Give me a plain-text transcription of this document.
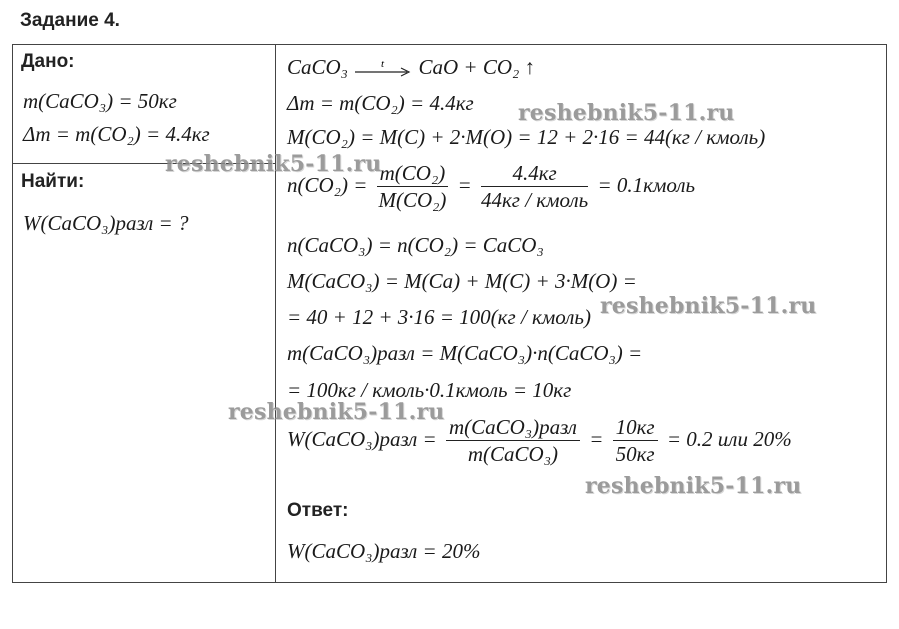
Задание 4.
Дано:
m(CaCO₃) = 50кг
Δm = m(CO₂) = 4.4кг
Найти:
W(CaCO₃)разл = ?
CaCO₃	t CaO + CO₂ ↑
Δm = m(CO₂) = 4.4кг
M(CO₂) = M(C) + 2·M(O) = 12 + 2·16 = 44(кг / кмоль)
$n(CO_2) = \frac{\text{m(CO₂)}}{\text{M(CO₂)}} = \frac{4.4кг}{\text{44кг / кмоль}}$ = 0.1кмоль
n(CaCO₃) = n(CO₂) = CaCO₃
M(CaCO₃) = M(Ca) + M(C) + 3·M(O) =
= 40 + 12 + 3·16 = 100(кг / кмоль)
m(CaCO₃)разл = M(CaCO₃)·n(CaCO₃) =
= 100кг / кмоль·0.1кмоль = 10кг
W(CaCO₃)разл = $\frac{\text{m(CaCO₃)разл}}{\text{m(CaCO₃)}} = \frac{10кг}{50кг} = 0.2$ или 20%
Ответ:
W(CaCO₃)разл = 20%
reshebnik5-11.ru
reshebnik5-11.ru
reshebnik5-11.ru
reshebnik5-11.ru
reshebnik5-11.ru
